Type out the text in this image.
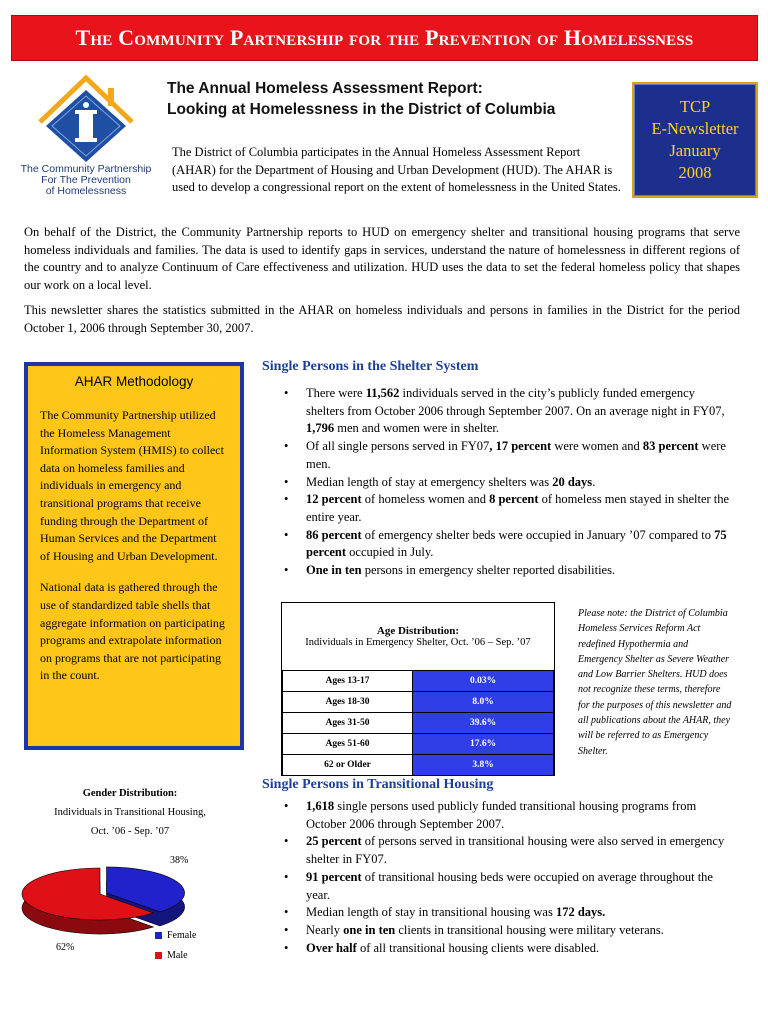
The Community Partnership for the Prevention of Homelessness
The Community Partnership
For The Prevention
of Homelessness
The Annual Homeless Assessment Report:
Looking at Homelessness in the District of Columbia	TCP
E-Newsletter
January
2008
The District of Columbia participates in the Annual Homeless Assessment Report (AHAR) for the Department of Housing and Urban Development (HUD). The AHAR is used to develop a congressional report on the extent of homelessness in the United States.
On behalf of the District, the Community Partnership reports to HUD on emergency shelter and transitional housing programs that serve homeless individuals and families. The data is used to identify gaps in services, understand the nature of homelessness in different regions of the country and to analyze Continuum of Care effectiveness and utilization. HUD uses the data to set the federal homeless policy that shapes our work on a local level.
This newsletter shares the statistics submitted in the AHAR on homeless individuals and persons in families in the District for the period October 1, 2006 through September 30, 2007.
AHAR Methodology

The Community Partnership utilized the Homeless Management Information System (HMIS) to collect data on homeless families and individuals in emergency and transitional programs that receive funding through the Department of Human Services and the Department of Housing and Urban Development.

National data is gathered through the use of standardized table shells that aggregate information on participating programs and extrapolate information on programs that are not participating in the count.

Single Persons in the Shelter System
• There were 11,562 individuals served in the city’s publicly funded emergency shelters from October 2006 through September 2007. On an average night in FY07, 1,796 men and women were in shelter.
• Of all single persons served in FY07, 17 percent were women and 83 percent were men.
• Median length of stay at emergency shelters was 20 days.
• 12 percent of homeless women and 8 percent of homeless men stayed in shelter the entire year.
• 86 percent of emergency shelter beds were occupied in January ’07 compared to 75 percent occupied in July.
• One in ten persons in emergency shelter reported disabilities.
Age Distribution:
Individuals in Emergency Shelter, Oct. ’06 – Sep. ’07
Ages 13-17	0.03%
Ages 18-30	8.0%
Ages 31-50	39.6%
Ages 51-60	17.6%
62 or Older	3.8%
Please note: the District of Columbia Homeless Services Reform Act redefined Hypothermia and Emergency Shelter as Severe Weather and Low Barrier Shelters. HUD does not recognize these terms, therefore for the purposes of this newsletter and all publications about the AHAR, they will be referred to as Emergency Shelter.
Single Persons in Transitional Housing
• 1,618 single persons used publicly funded transitional housing programs from October 2006 through September 2007.
• 25 percent of persons served in transitional housing were also served in emergency shelter in FY07.
• 91 percent of transitional housing beds were occupied on average throughout the year.
• Median length of stay in transitional housing was 172 days.
• Nearly one in ten clients in transitional housing were military veterans.
• Over half of all transitional housing clients were disabled.
Gender Distribution:
Individuals in Transitional Housing,
Oct. ’06 - Sep. ’07
38%
62%
Female
Male
